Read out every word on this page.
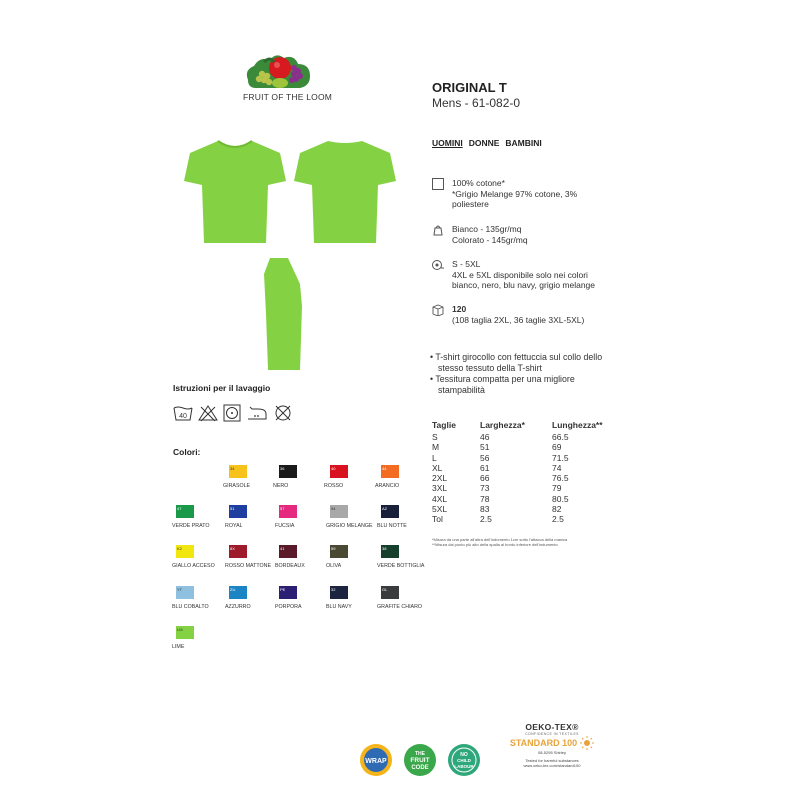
FRUIT OF THE LOOM
ORIGINAL T
Mens - 61-082-0
UOMINI DONNE BAMBINI
100% cotone*
*Grigio Melange 97% cotone, 3%
poliestere
Bianco - 135gr/mq
Colorato - 145gr/mq
S - 5XL
4XL e 5XL disponibile solo nei colori
bianco, nero, blu navy, grigio melange
120
(108 taglia 2XL, 36 taglie 3XL-5XL)
• T-shirt girocollo con fettuccia sul collo dello
stesso tessuto della T-shirt
• Tessitura compatta per una migliore
stampabilità
Taglie	Larghezza*	Lunghezza**
S	46	66.5
M	51	69
L	56	71.5
XL	61	74
2XL	66	76.5
3XL	73	79
4XL	78	80.5
5XL	83	82
Tol	2.5	2.5
*Misura da una parte all'altra dell'indumento 1cm sotto l'attacca della manica
**Misura dal punto più alto della spalla al bordo inferiore dell'indumento
Istruzioni per il lavaggio
40
Colori:
34
GIRASOLE
36
NERO
40
ROSSO
44
ARANCIO
47
VERDE PRATO
51
ROYAL
57
FUCSIA
94
GRIGIO MELANGE
AZ
BLU NOTTE
K2
GIALLO ACCESO
8X
ROSSO MATTONE
41
BORDEAUX
59
OLIVA
38
VERDE BOTTIGLIA
YT
BLU COBALTO
ZU
AZZURRO
PE
PORPORA
32
BLU NAVY
GL
GRAFITE CHIARO
LM
LIME
WRAP
THE
FRUIT
CODE
NO
CHILD
LABOUR
OEKO-TEX®
CONFIDENCE IN TEXTILES
STANDARD 100
08-5295 Shirley
Tested for harmful substances
www.oeko-tex.com/standard100
